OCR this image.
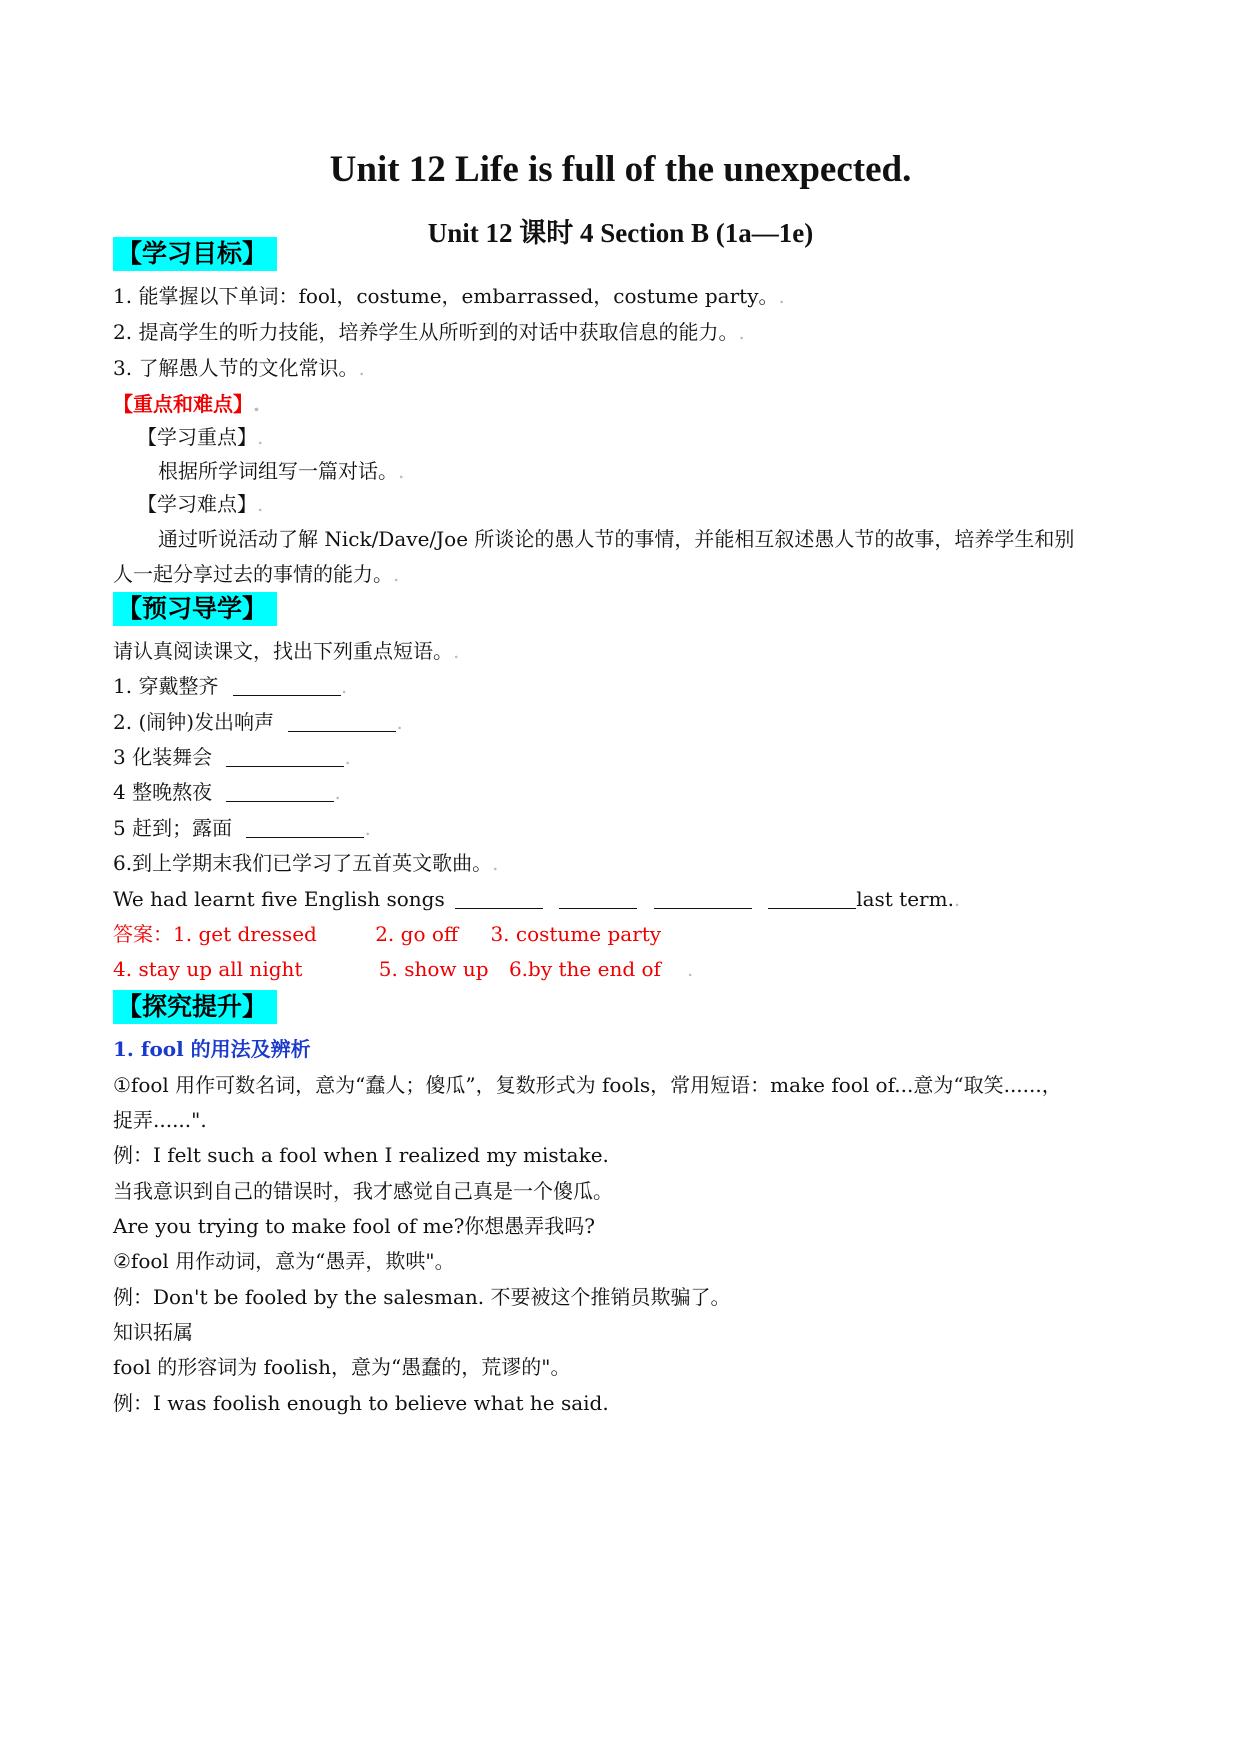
Unit 12 Life is full of the unexpected.
Unit 12 课时 4 Section B (1a—1e)
【学习目标】
1. 能掌握以下单词：fool，costume，embarrassed，costume party。.
2. 提高学生的听力技能，培养学生从所听到的对话中获取信息的能力。.
3. 了解愚人节的文化常识。.
【重点和难点】.
【学习重点】.
根据所学词组写一篇对话。.
【学习难点】.
通过听说活动了解 Nick/Dave/Joe 所谈论的愚人节的事情，并能相互叙述愚人节的故事，培养学生和别
人一起分享过去的事情的能力。.
【预习导学】
请认真阅读课文，找出下列重点短语。.
1. 穿戴整齐	.
2. (闹钟)发出响声	.
3 化装舞会	.
4 整晚熬夜	.
5 赶到；露面	.
6.到上学期末我们已学习了五首英文歌曲。.
We had learnt five English songs	last term..
答案：1. get dressed	2. go off 3. costume party
4. stay up all night	5. show up 6.by the end of .
【探究提升】
1. fool 的用法及辨析
①fool 用作可数名词，意为“蠢人；傻瓜”，复数形式为 fools，常用短语：make fool of...意为“取笑......，
捉弄......".
例：I felt such a fool when I realized my mistake.
当我意识到自己的错误时，我才感觉自己真是一个傻瓜。
Are you trying to make fool of me?你想愚弄我吗?
②fool 用作动词，意为“愚弄，欺哄"。
例：Don't be fooled by the salesman. 不要被这个推销员欺骗了。
知识拓属
fool 的形容词为 foolish，意为“愚蠢的，荒谬的"。
例：I was foolish enough to believe what he said.
